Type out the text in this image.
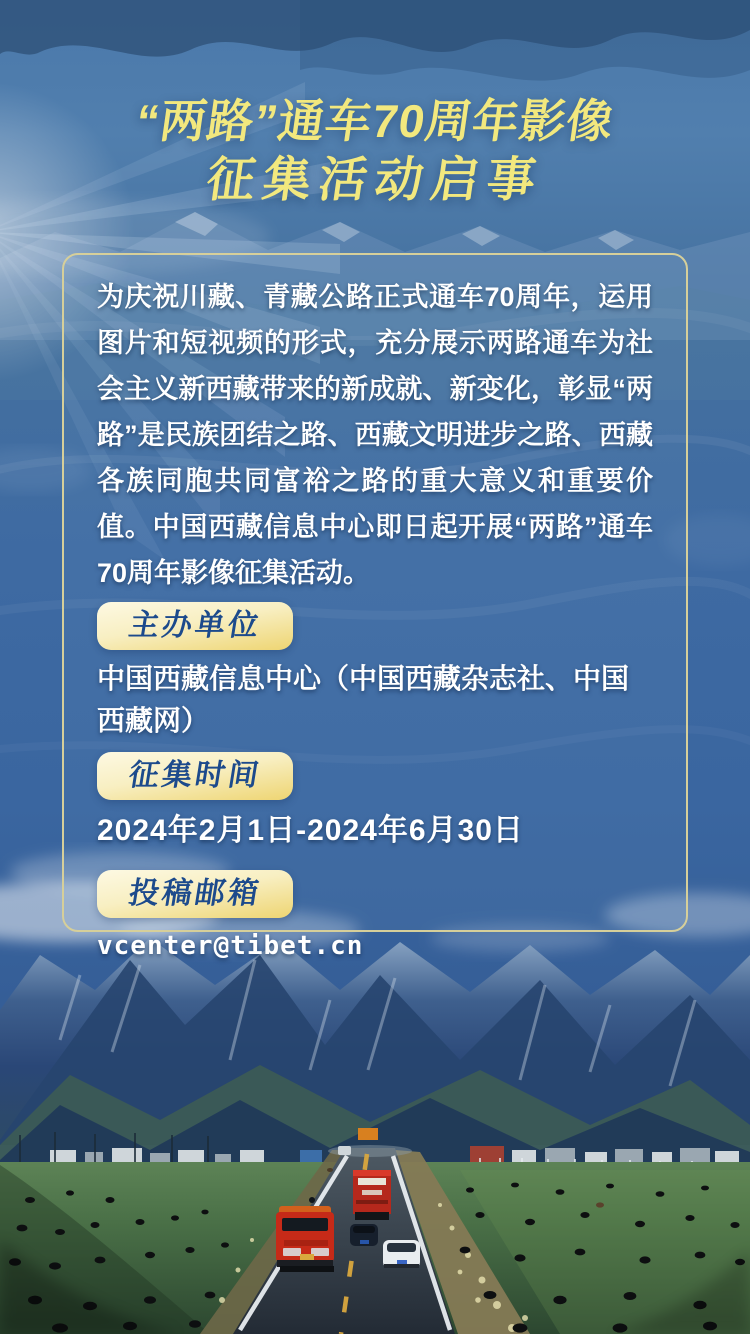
“两路”通车70周年影像
征集活动启事

为庆祝川藏、青藏公路正式通车70周年，运用图片和短视频的形式，充分展示两路通车为社会主义新西藏带来的新成就、新变化，彰显“两路”是民族团结之路、西藏文明进步之路、西藏各族同胞共同富裕之路的重大意义和重要价值。中国西藏信息中心即日起开展“两路”通车70周年影像征集活动。

主办单位

中国西藏信息中心（中国西藏杂志社、中国西藏网）

征集时间

2024年2月1日-2024年6月30日

投稿邮箱

vcenter@tibet.cn
